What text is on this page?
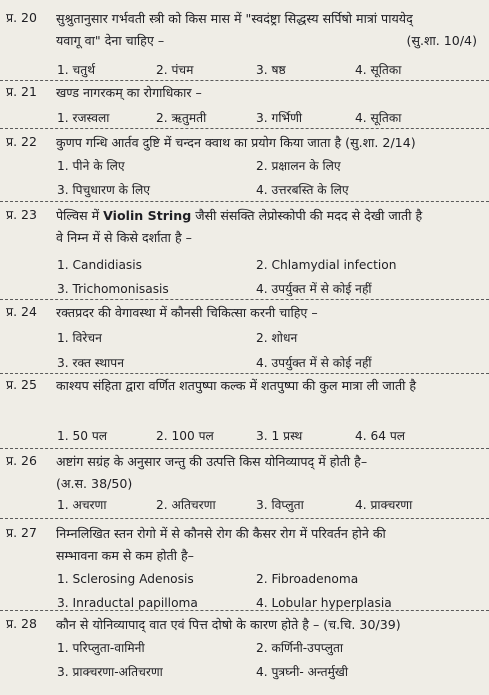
प्र. 20 सुश्रुतानुसार गर्भवती स्त्री को किस मास में "स्वदंष्ट्रा सिद्धस्य सर्पिषो मात्रां पाययेद्
यवागू वा" देना चाहिए –	(सु.शा. 10/4)
1. चतुर्थ	2. पंचम	3. षष्ठ	4. सूतिका
प्र. 21 खण्ड नागरकम् का रोगाधिकार –
1. रजस्वला	2. ऋतुमती	3. गर्भिणी	4. सूतिका
प्र. 22 कुणप गन्धि आर्तव दुष्टि में चन्दन क्वाथ का प्रयोग किया जाता है (सु.शा. 2/14)
1. पीने के लिए	2. प्रक्षालन के लिए
3. पिचुधारण के लिए	4. उत्तरबस्ति के लिए
प्र. 23 पेल्विस में Violin String जैसी संसक्ति लेप्रोस्कोपी की मदद से देखी जाती है
वे निम्न में से किसे दर्शाता है –
1. Candidiasis	2. Chlamydial infection
3. Trichomonisasis	4. उपर्युक्त में से कोई नहीं
प्र. 24 रक्तप्रदर की वेगावस्था में कौनसी चिकित्सा करनी चाहिए –
1. विरेचन	2. शोधन
3. रक्त स्थापन	4. उपर्युक्त में से कोई नहीं
प्र. 25 काश्यप संहिता द्वारा वर्णित शतपुष्पा कल्क में शतपुष्पा की कुल मात्रा ली जाती है
1. 50 पल	2. 100 पल	3. 1 प्रस्थ	4. 64 पल
प्र. 26 अष्टांग सग्रंह के अनुसार जन्तु की उत्पत्ति किस योनिव्यापद् में होती है–
(अ.स. 38/50)
1. अचरणा	2. अतिचरणा	3. विप्लुता	4. प्राक्चरणा
प्र. 27 निम्नलिखित स्तन रोगो में से कौनसे रोग की कैसर रोग में परिवर्तन होने की
सम्भावना कम से कम होती है–
1. Sclerosing Adenosis	2. Fibroadenoma
3. Inraductal papilloma	4. Lobular hyperplasia
प्र. 28 कौन से योनिव्यापाद् वात एवं पित्त दोषो के कारण होते है – (च.चि. 30/39)
1. परिप्लुता-वामिनी	2. कर्णिनी-उपप्लुता
3. प्राक्चरणा-अतिचरणा	4. पुत्रघ्नी- अन्तर्मुखी
